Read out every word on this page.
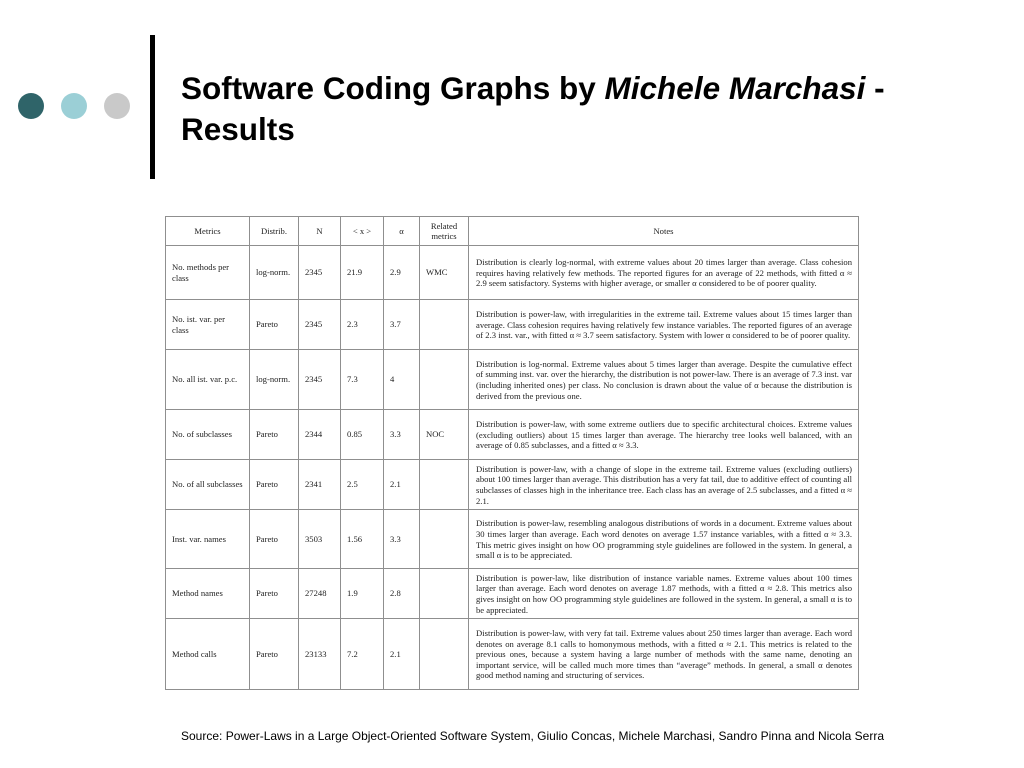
Software Coding Graphs by Michele Marchasi - Results
Metrics	Distrib.	N	< x >	α	Related metrics	Notes
No. methods per class	log-norm.	2345	21.9	2.9	WMC	Distribution is clearly log-normal, with extreme values about 20 times larger than average. Class cohesion requires having relatively few methods. The reported figures for an average of 22 methods, with fitted α ≈ 2.9 seem satisfactory. Systems with higher average, or smaller α considered to be of poorer quality.
No. ist. var. per class	Pareto	2345	2.3	3.7		Distribution is power-law, with irregularities in the extreme tail. Extreme values about 15 times larger than average. Class cohesion requires having relatively few instance variables. The reported figures of an average of 2.3 inst. var., with fitted α ≈ 3.7 seem satisfactory. System with lower α considered to be of poorer quality.
No. all ist. var. p.c.	log-norm.	2345	7.3	4		Distribution is log-normal. Extreme values about 5 times larger than average. Despite the cumulative effect of summing inst. var. over the hierarchy, the distribution is not power-law. There is an average of 7.3 inst. var (including inherited ones) per class. No conclusion is drawn about the value of α because the distribution is derived from the previous one.
No. of subclasses	Pareto	2344	0.85	3.3	NOC	Distribution is power-law, with some extreme outliers due to specific architectural choices. Extreme values (excluding outliers) about 15 times larger than average. The hierarchy tree looks well balanced, with an average of 0.85 subclasses, and a fitted α ≈ 3.3.
No. of all subclasses	Pareto	2341	2.5	2.1		Distribution is power-law, with a change of slope in the extreme tail. Extreme values (excluding outliers) about 100 times larger than average. This distribution has a very fat tail, due to additive effect of counting all subclasses of classes high in the inheritance tree. Each class has an average of 2.5 subclasses, and a fitted α ≈ 2.1.
Inst. var. names	Pareto	3503	1.56	3.3		Distribution is power-law, resembling analogous distributions of words in a document. Extreme values about 30 times larger than average. Each word denotes on average 1.57 instance variables, with a fitted α ≈ 3.3. This metric gives insight on how OO programming style guidelines are followed in the system. In general, a small α is to be appreciated.
Method names	Pareto	27248	1.9	2.8		Distribution is power-law, like distribution of instance variable names. Extreme values about 100 times larger than average. Each word denotes on average 1.87 methods, with a fitted α ≈ 2.8. This metrics also gives insight on how OO programming style guidelines are followed in the system. In general, a small α is to be appreciated.
Method calls	Pareto	23133	7.2	2.1		Distribution is power-law, with very fat tail. Extreme values about 250 times larger than average. Each word denotes on average 8.1 calls to homonymous methods, with a fitted α ≈ 2.1. This metrics is related to the previous ones, because a system having a large number of methods with the same name, denoting an important service, will be called much more times than “average” methods. In general, a small α denotes good method naming and structuring of services.
Source: Power-Laws in a Large Object-Oriented Software System, Giulio Concas, Michele Marchasi, Sandro Pinna and Nicola Serra
